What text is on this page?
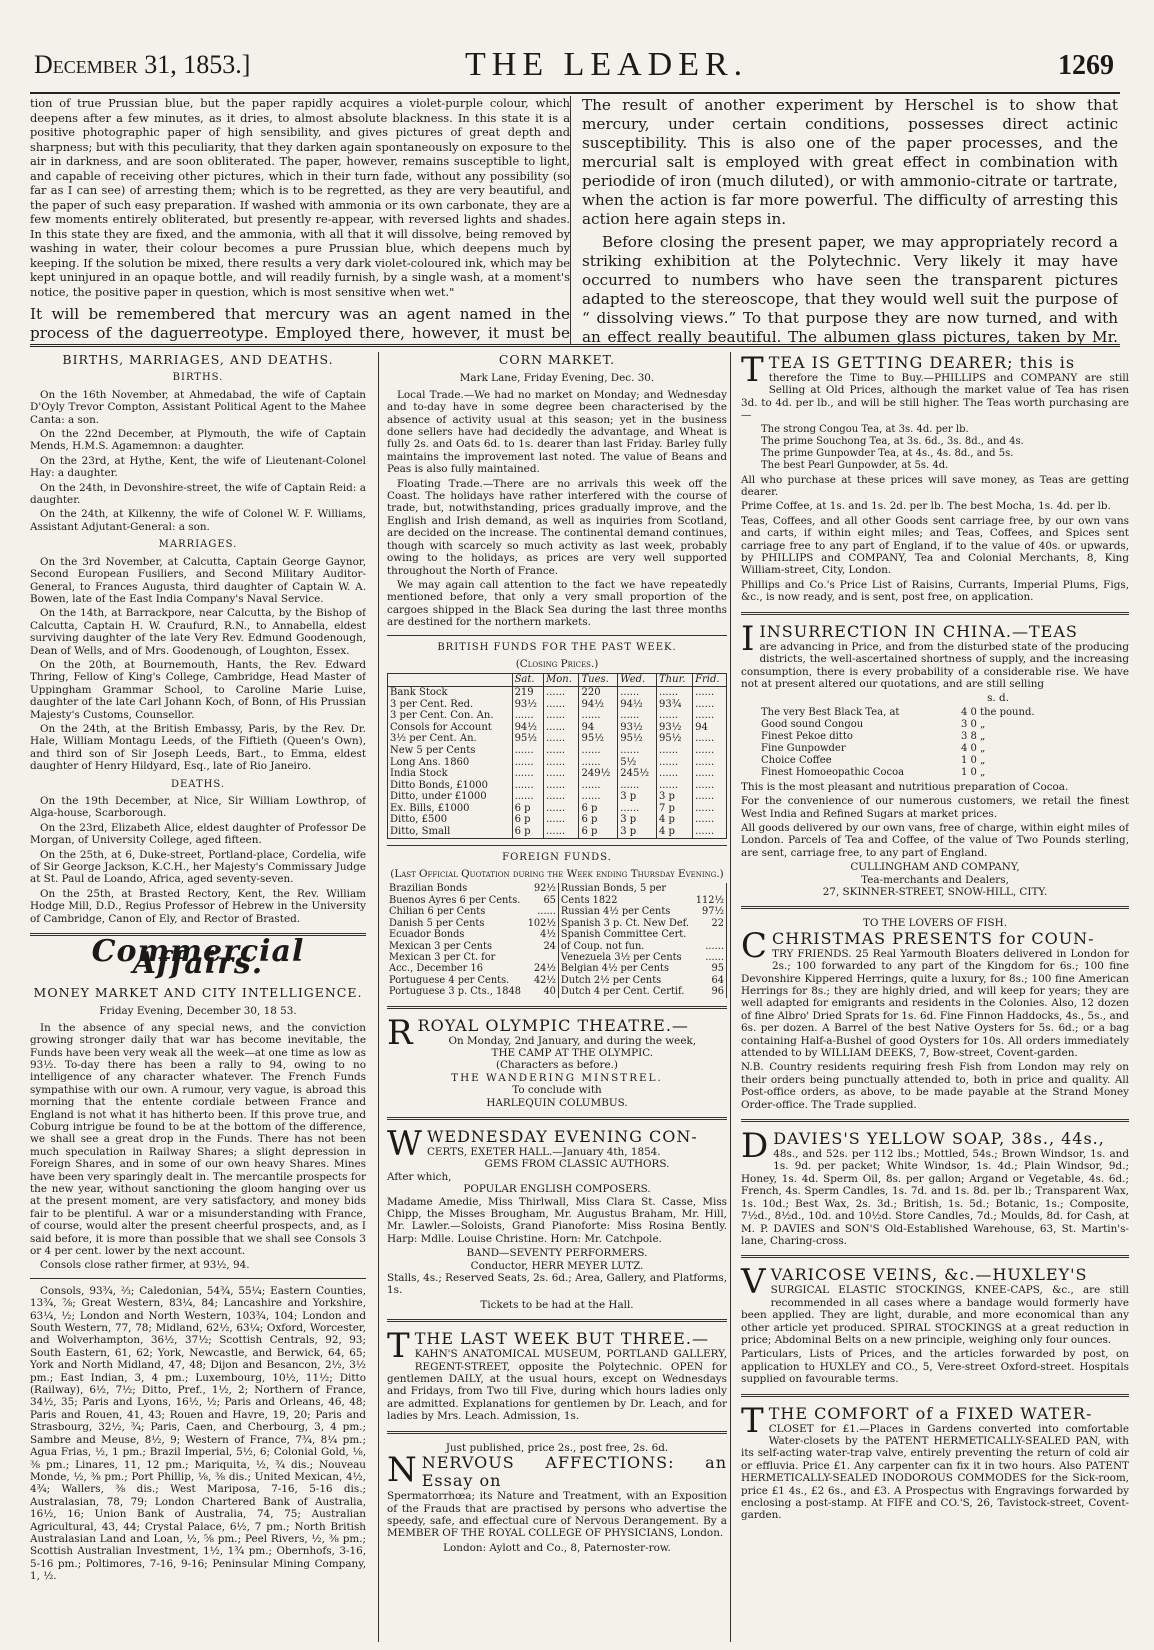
December 31, 1853.]	THE LEADER.	1269

tion of true Prussian blue, but the paper rapidly acquires a violet-purple colour, which deepens after a few minutes, as it dries, to almost absolute blackness. In this state it is a positive photographic paper of high sensibility, and gives pictures of great depth and sharpness; but with this peculiarity, that they darken again spontaneously on exposure to the air in darkness, and are soon obliterated. The paper, however, remains susceptible to light, and capable of receiving other pictures, which in their turn fade, without any possibility (so far as I can see) of arresting them; which is to be regretted, as they are very beautiful, and the paper of such easy preparation. If washed with ammonia or its own carbonate, they are a few moments entirely obliterated, but presently re-appear, with reversed lights and shades. In this state they are fixed, and the ammonia, with all that it will dissolve, being removed by washing in water, their colour becomes a pure Prussian blue, which deepens much by keeping. If the solution be mixed, there results a very dark violet-coloured ink, which may be kept uninjured in an opaque bottle, and will readily furnish, by a single wash, at a moment's notice, the positive paper in question, which is most sensitive when wet."

It will be remembered that mercury was an agent named in the process of the daguerreotype. Employed there, however, it must be

The result of another experiment by Herschel is to show that mercury, under certain conditions, possesses direct actinic susceptibility. This is also one of the paper processes, and the mercurial salt is employed with great effect in combination with periodide of iron (much diluted), or with ammonio-citrate or tartrate, when the action is far more powerful. The difficulty of arresting this action here again steps in.

Before closing the present paper, we may appropriately record a striking exhibition at the Polytechnic. Very likely it may have occurred to numbers who have seen the transparent pictures adapted to the stereoscope, that they would well suit the purpose of “ dissolving views.” To that purpose they are now turned, and with an effect really beautiful. The albumen glass pictures, taken by Mr.

BIRTHS, MARRIAGES, AND DEATHS.
BIRTHS.

On the 16th November, at Ahmedabad, the wife of Captain D'Oyly Trevor Compton, Assistant Political Agent to the Mahee Canta: a son.

On the 22nd December, at Plymouth, the wife of Captain Mends, H.M.S. Agamemnon: a daughter.

On the 23rd, at Hythe, Kent, the wife of Lieutenant-Colonel Hay: a daughter.

On the 24th, in Devonshire-street, the wife of Captain Reid: a daughter.

On the 24th, at Kilkenny, the wife of Colonel W. F. Williams, Assistant Adjutant-General: a son.

MARRIAGES.

On the 3rd November, at Calcutta, Captain George Gaynor, Second European Fusiliers, and Second Military Auditor-General, to Frances Augusta, third daughter of Captain W. A. Bowen, late of the East India Company's Naval Service.

On the 14th, at Barrackpore, near Calcutta, by the Bishop of Calcutta, Captain H. W. Craufurd, R.N., to Annabella, eldest surviving daughter of the late Very Rev. Edmund Goodenough, Dean of Wells, and of Mrs. Goodenough, of Loughton, Essex.

On the 20th, at Bournemouth, Hants, the Rev. Edward Thring, Fellow of King's College, Cambridge, Head Master of Uppingham Grammar School, to Caroline Marie Luise, daughter of the late Carl Johann Koch, of Bonn, of His Prussian Majesty's Customs, Counsellor.

On the 24th, at the British Embassy, Paris, by the Rev. Dr. Hale, William Montagu Leeds, of the Fiftieth (Queen's Own), and third son of Sir Joseph Leeds, Bart., to Emma, eldest daughter of Henry Hildyard, Esq., late of Rio Janeiro.

DEATHS.

On the 19th December, at Nice, Sir William Lowthrop, of Alga-house, Scarborough.

On the 23rd, Elizabeth Alice, eldest daughter of Professor De Morgan, of University College, aged fifteen.

On the 25th, at 6, Duke-street, Portland-place, Cordelia, wife of Sir George Jackson, K.C.H., her Majesty's Commissary Judge at St. Paul de Loando, Africa, aged seventy-seven.

On the 25th, at Brasted Rectory, Kent, the Rev. William Hodge Mill, D.D., Regius Professor of Hebrew in the University of Cambridge, Canon of Ely, and Rector of Brasted.

Commercial Affairs.
MONEY MARKET AND CITY INTELLIGENCE.
Friday Evening, December 30, 18 53.

In the absence of any special news, and the conviction growing stronger daily that war has become inevitable, the Funds have been very weak all the week—at one time as low as 93½. To-day there has been a rally to 94, owing to no intelligence of any character whatever. The French Funds sympathise with our own. A rumour, very vague, is abroad this morning that the entente cordiale between France and England is not what it has hitherto been. If this prove true, and Coburg intrigue be found to be at the bottom of the difference, we shall see a great drop in the Funds. There has not been much speculation in Railway Shares; a slight depression in Foreign Shares, and in some of our own heavy Shares. Mines have been very sparingly dealt in. The mercantile prospects for the new year, without sanctioning the gloom hanging over us at the present moment, are very satisfactory, and money bids fair to be plentiful. A war or a misunderstanding with France, of course, would alter the present cheerful prospects, and, as I said before, it is more than possible that we shall see Consols 3 or 4 per cent. lower by the next account.

Consols close rather firmer, at 93½, 94.

Consols, 93¾, ⅔; Caledonian, 54¾, 55¼; Eastern Counties, 13¾, ⅞; Great Western, 83¼, 84; Lancashire and Yorkshire, 63¼, ½; London and North Western, 103¾, 104; London and South Western, 77, 78; Midland, 62½, 63¼; Oxford, Worcester, and Wolverhampton, 36½, 37½; Scottish Centrals, 92, 93; South Eastern, 61, 62; York, Newcastle, and Berwick, 64, 65; York and North Midland, 47, 48; Dijon and Besancon, 2½, 3½ pm.; East Indian, 3, 4 pm.; Luxembourg, 10½, 11½; Ditto (Railway), 6½, 7½; Ditto, Pref., 1½, 2; Northern of France, 34½, 35; Paris and Lyons, 16½, ½; Paris and Orleans, 46, 48; Paris and Rouen, 41, 43; Rouen and Havre, 19, 20; Paris and Strasbourg, 32½, ¾; Paris, Caen, and Cherbourg, 3, 4 pm.; Sambre and Meuse, 8½, 9; Western of France, 7¾, 8¼ pm.; Agua Frias, ½, 1 pm.; Brazil Imperial, 5½, 6; Colonial Gold, ⅛, ⅜ pm.; Linares, 11, 12 pm.; Mariquita, ½, ¾ dis.; Nouveau Monde, ½, ⅜ pm.; Port Phillip, ⅛, ⅜ dis.; United Mexican, 4½, 4¾; Wallers, ⅜ dis.; West Mariposa, 7-16, 5-16 dis.; Australasian, 78, 79; London Chartered Bank of Australia, 16½, 16; Union Bank of Australia, 74, 75; Australian Agricultural, 43, 44; Crystal Palace, 6½, 7 pm.; North British Australasian Land and Loan, ½, ⅝ pm.; Peel Rivers, ½, ⅜ pm.; Scottish Australian Investment, 1½, 1¾ pm.; Obernhofs, 3-16, 5-16 pm.; Poltimores, 7-16, 9-16; Peninsular Mining Company, 1, ½.

CORN MARKET.
Mark Lane, Friday Evening, Dec. 30.

Local Trade.—We had no market on Monday; and Wednesday and to-day have in some degree been characterised by the absence of activity usual at this season; yet in the business done sellers have had decidedly the advantage, and Wheat is fully 2s. and Oats 6d. to 1s. dearer than last Friday. Barley fully maintains the improvement last noted. The value of Beans and Peas is also fully maintained.

Floating Trade.—There are no arrivals this week off the Coast. The holidays have rather interfered with the course of trade, but, notwithstanding, prices gradually improve, and the English and Irish demand, as well as inquiries from Scotland, are decided on the increase. The continental demand continues, though with scarcely so much activity as last week, probably owing to the holidays, as prices are very well supported throughout the North of France.

We may again call attention to the fact we have repeatedly mentioned before, that only a very small proportion of the cargoes shipped in the Black Sea during the last three months are destined for the northern markets.

BRITISH FUNDS FOR THE PAST WEEK.
(Closing Prices.)
	Sat.	Mon.	Tues.	Wed.	Thur.	Frid.
Bank Stock	219	......	220	......	......	......
3 per Cent. Red.	93½	......	94½	94½	93¾	......
3 per Cent. Con. An.	......	......	......	......	......	......
Consols for Account	94½	......	94	93½	93½	94
3½ per Cent. An.	95½	......	95½	95½	95½	......
New 5 per Cents	......	......	......	......	......	......
Long Ans. 1860	......	......	......	5½	......	......
India Stock	......	......	249½	245½	......	......
Ditto Bonds, £1000	......	......	......	......	......	......
Ditto, under £1000	......	......	......	3 p	3 p	......
Ex. Bills, £1000	6 p	......	6 p	......	7 p	......
Ditto, £500	6 p	......	6 p	3 p	4 p	......
Ditto, Small	6 p	......	6 p	3 p	4 p	......
FOREIGN FUNDS.
(Last Official Quotation during the Week ending Thursday Evening.)
Brazilian Bonds	92½	Russian Bonds, 5 per	
Buenos Ayres 6 per Cents.	65	Cents 1822	112½
Chilian 6 per Cents	......	Russian 4½ per Cents	97½
Danish 5 per Cents	102½	Spanish 3 p. Ct. New Def.	22
Ecuador Bonds	4½	Spanish Committee Cert.	
Mexican 3 per Cents	24	of Coup. not fun.	......
Mexican 3 per Ct. for		Venezuela 3½ per Cents	......
Acc., December 16	24½	Belgian 4½ per Cents	95
Portuguese 4 per Cents.	42½	Dutch 2½ per Cents	64
Portuguese 3 p. Cts., 1848	40	Dutch 4 per Cent. Certif.	96
RROYAL OLYMPIC THEATRE.—
On Monday, 2nd January, and during the week,
THE CAMP AT THE OLYMPIC.
(Characters as before.)
THE WANDERING MINSTREL.
To conclude with
HARLEQUIN COLUMBUS.
WWEDNESDAY EVENING CON-
CERTS, EXETER HALL.—January 4th, 1854.
GEMS FROM CLASSIC AUTHORS.
After which,
POPULAR ENGLISH COMPOSERS.

Madame Amedie, Miss Thirlwall, Miss Clara St. Casse, Miss Chipp, the Misses Brougham, Mr. Augustus Braham, Mr. Hill, Mr. Lawler.—Soloists, Grand Pianoforte: Miss Rosina Bently. Harp: Mdlle. Louise Christine. Horn: Mr. Catchpole.

BAND—SEVENTY PERFORMERS.
Conductor, HERR MEYER LUTZ.

Stalls, 4s.; Reserved Seats, 2s. 6d.; Area, Gallery, and Platforms, 1s.

Tickets to be had at the Hall.
TTHE LAST WEEK BUT THREE.—

KAHN'S ANATOMICAL MUSEUM, PORTLAND GALLERY, REGENT-STREET, opposite the Polytechnic. OPEN for gentlemen DAILY, at the usual hours, except on Wednesdays and Fridays, from Two till Five, during which hours ladies only are admitted. Explanations for gentlemen by Dr. Leach, and for ladies by Mrs. Leach. Admission, 1s.

Just published, price 2s., post free, 2s. 6d.
NNERVOUS AFFECTIONS: an Essay on

Spermatorrhœa; its Nature and Treatment, with an Exposition of the Frauds that are practised by persons who advertise the speedy, safe, and effectual cure of Nervous Derangement. By a MEMBER OF THE ROYAL COLLEGE OF PHYSICIANS, London.

London: Aylott and Co., 8, Paternoster-row.
TTEA IS GETTING DEARER; this is

therefore the Time to Buy.—PHILLIPS and COMPANY are still Selling at Old Prices, although the market value of Tea has risen 3d. to 4d. per lb., and will be still higher. The Teas worth purchasing are—

The strong Congou Tea, at 3s. 4d. per lb.
The prime Souchong Tea, at 3s. 6d., 3s. 8d., and 4s.
The prime Gunpowder Tea, at 4s., 4s. 8d., and 5s.
The best Pearl Gunpowder, at 5s. 4d.

All who purchase at these prices will save money, as Teas are getting dearer.

Prime Coffee, at 1s. and 1s. 2d. per lb. The best Mocha, 1s. 4d. per lb.

Teas, Coffees, and all other Goods sent carriage free, by our own vans and carts, if within eight miles; and Teas, Coffees, and Spices sent carriage free to any part of England, if to the value of 40s. or upwards, by PHILLIPS and COMPANY, Tea and Colonial Merchants, 8, King William-street, City, London.

Phillips and Co.'s Price List of Raisins, Currants, Imperial Plums, Figs, &c., is now ready, and is sent, post free, on application.

IINSURRECTION IN CHINA.—TEAS

are advancing in Price, and from the disturbed state of the producing districts, the well-ascertained shortness of supply, and the increasing consumption, there is every probability of a considerable rise. We have not at present altered our quotations, and are still selling

s. d.
The very Best Black Tea, at	4 0 the pound.
Good sound Congou	3 0 „
Finest Pekoe ditto	3 8 „
Fine Gunpowder	4 0 „
Choice Coffee	1 0 „
Finest Homoeopathic Cocoa	1 0 „

This is the most pleasant and nutritious preparation of Cocoa.

For the convenience of our numerous customers, we retail the finest West India and Refined Sugars at market prices.

All goods delivered by our own vans, free of charge, within eight miles of London. Parcels of Tea and Coffee, of the value of Two Pounds sterling, are sent, carriage free, to any part of England.

CULLINGHAM AND COMPANY,
Tea-merchants and Dealers,
27, SKINNER-STREET, SNOW-HILL, CITY.
TO THE LOVERS OF FISH.
CCHRISTMAS PRESENTS for COUN-

TRY FRIENDS. 25 Real Yarmouth Bloaters delivered in London for 2s.; 100 forwarded to any part of the Kingdom for 6s.; 100 fine Devonshire Kippered Herrings, quite a luxury, for 8s.; 100 fine American Herrings for 8s.; they are highly dried, and will keep for years; they are well adapted for emigrants and residents in the Colonies. Also, 12 dozen of fine Albro' Dried Sprats for 1s. 6d. Fine Finnon Haddocks, 4s., 5s., and 6s. per dozen. A Barrel of the best Native Oysters for 5s. 6d.; or a bag containing Half-a-Bushel of good Oysters for 10s. All orders immediately attended to by WILLIAM DEEKS, 7, Bow-street, Covent-garden.

N.B. Country residents requiring fresh Fish from London may rely on their orders being punctually attended to, both in price and quality. All Post-office orders, as above, to be made payable at the Strand Money Order-office. The Trade supplied.

DDAVIES'S YELLOW SOAP, 38s., 44s.,

48s., and 52s. per 112 lbs.; Mottled, 54s.; Brown Windsor, 1s. and 1s. 9d. per packet; White Windsor, 1s. 4d.; Plain Windsor, 9d.; Honey, 1s. 4d. Sperm Oil, 8s. per gallon; Argand or Vegetable, 4s. 6d.; French, 4s. Sperm Candles, 1s. 7d. and 1s. 8d. per lb.; Transparent Wax, 1s. 10d.; Best Wax, 2s. 3d.; British, 1s. 5d.; Botanic, 1s.; Composite, 7½d., 8½d., 10d. and 10½d. Store Candles, 7d.; Moulds, 8d. for Cash, at M. P. DAVIES and SON'S Old-Established Warehouse, 63, St. Martin's-lane, Charing-cross.

VVARICOSE VEINS, &c.—HUXLEY'S

SURGICAL ELASTIC STOCKINGS, KNEE-CAPS, &c., are still recommended in all cases where a bandage would formerly have been applied. They are light, durable, and more economical than any other article yet produced. SPIRAL STOCKINGS at a great reduction in price; Abdominal Belts on a new principle, weighing only four ounces.

Particulars, Lists of Prices, and the articles forwarded by post, on application to HUXLEY and CO., 5, Vere-street Oxford-street. Hospitals supplied on favourable terms.

TTHE COMFORT of a FIXED WATER-

CLOSET for £1.—Places in Gardens converted into comfortable Water-closets by the PATENT HERMETICALLY-SEALED PAN, with its self-acting water-trap valve, entirely preventing the return of cold air or effluvia. Price £1. Any carpenter can fix it in two hours. Also PATENT HERMETICALLY-SEALED INODOROUS COMMODES for the Sick-room, price £1 4s., £2 6s., and £3. A Prospectus with Engravings forwarded by enclosing a post-stamp. At FIFE and CO.'S, 26, Tavistock-street, Covent-garden.
